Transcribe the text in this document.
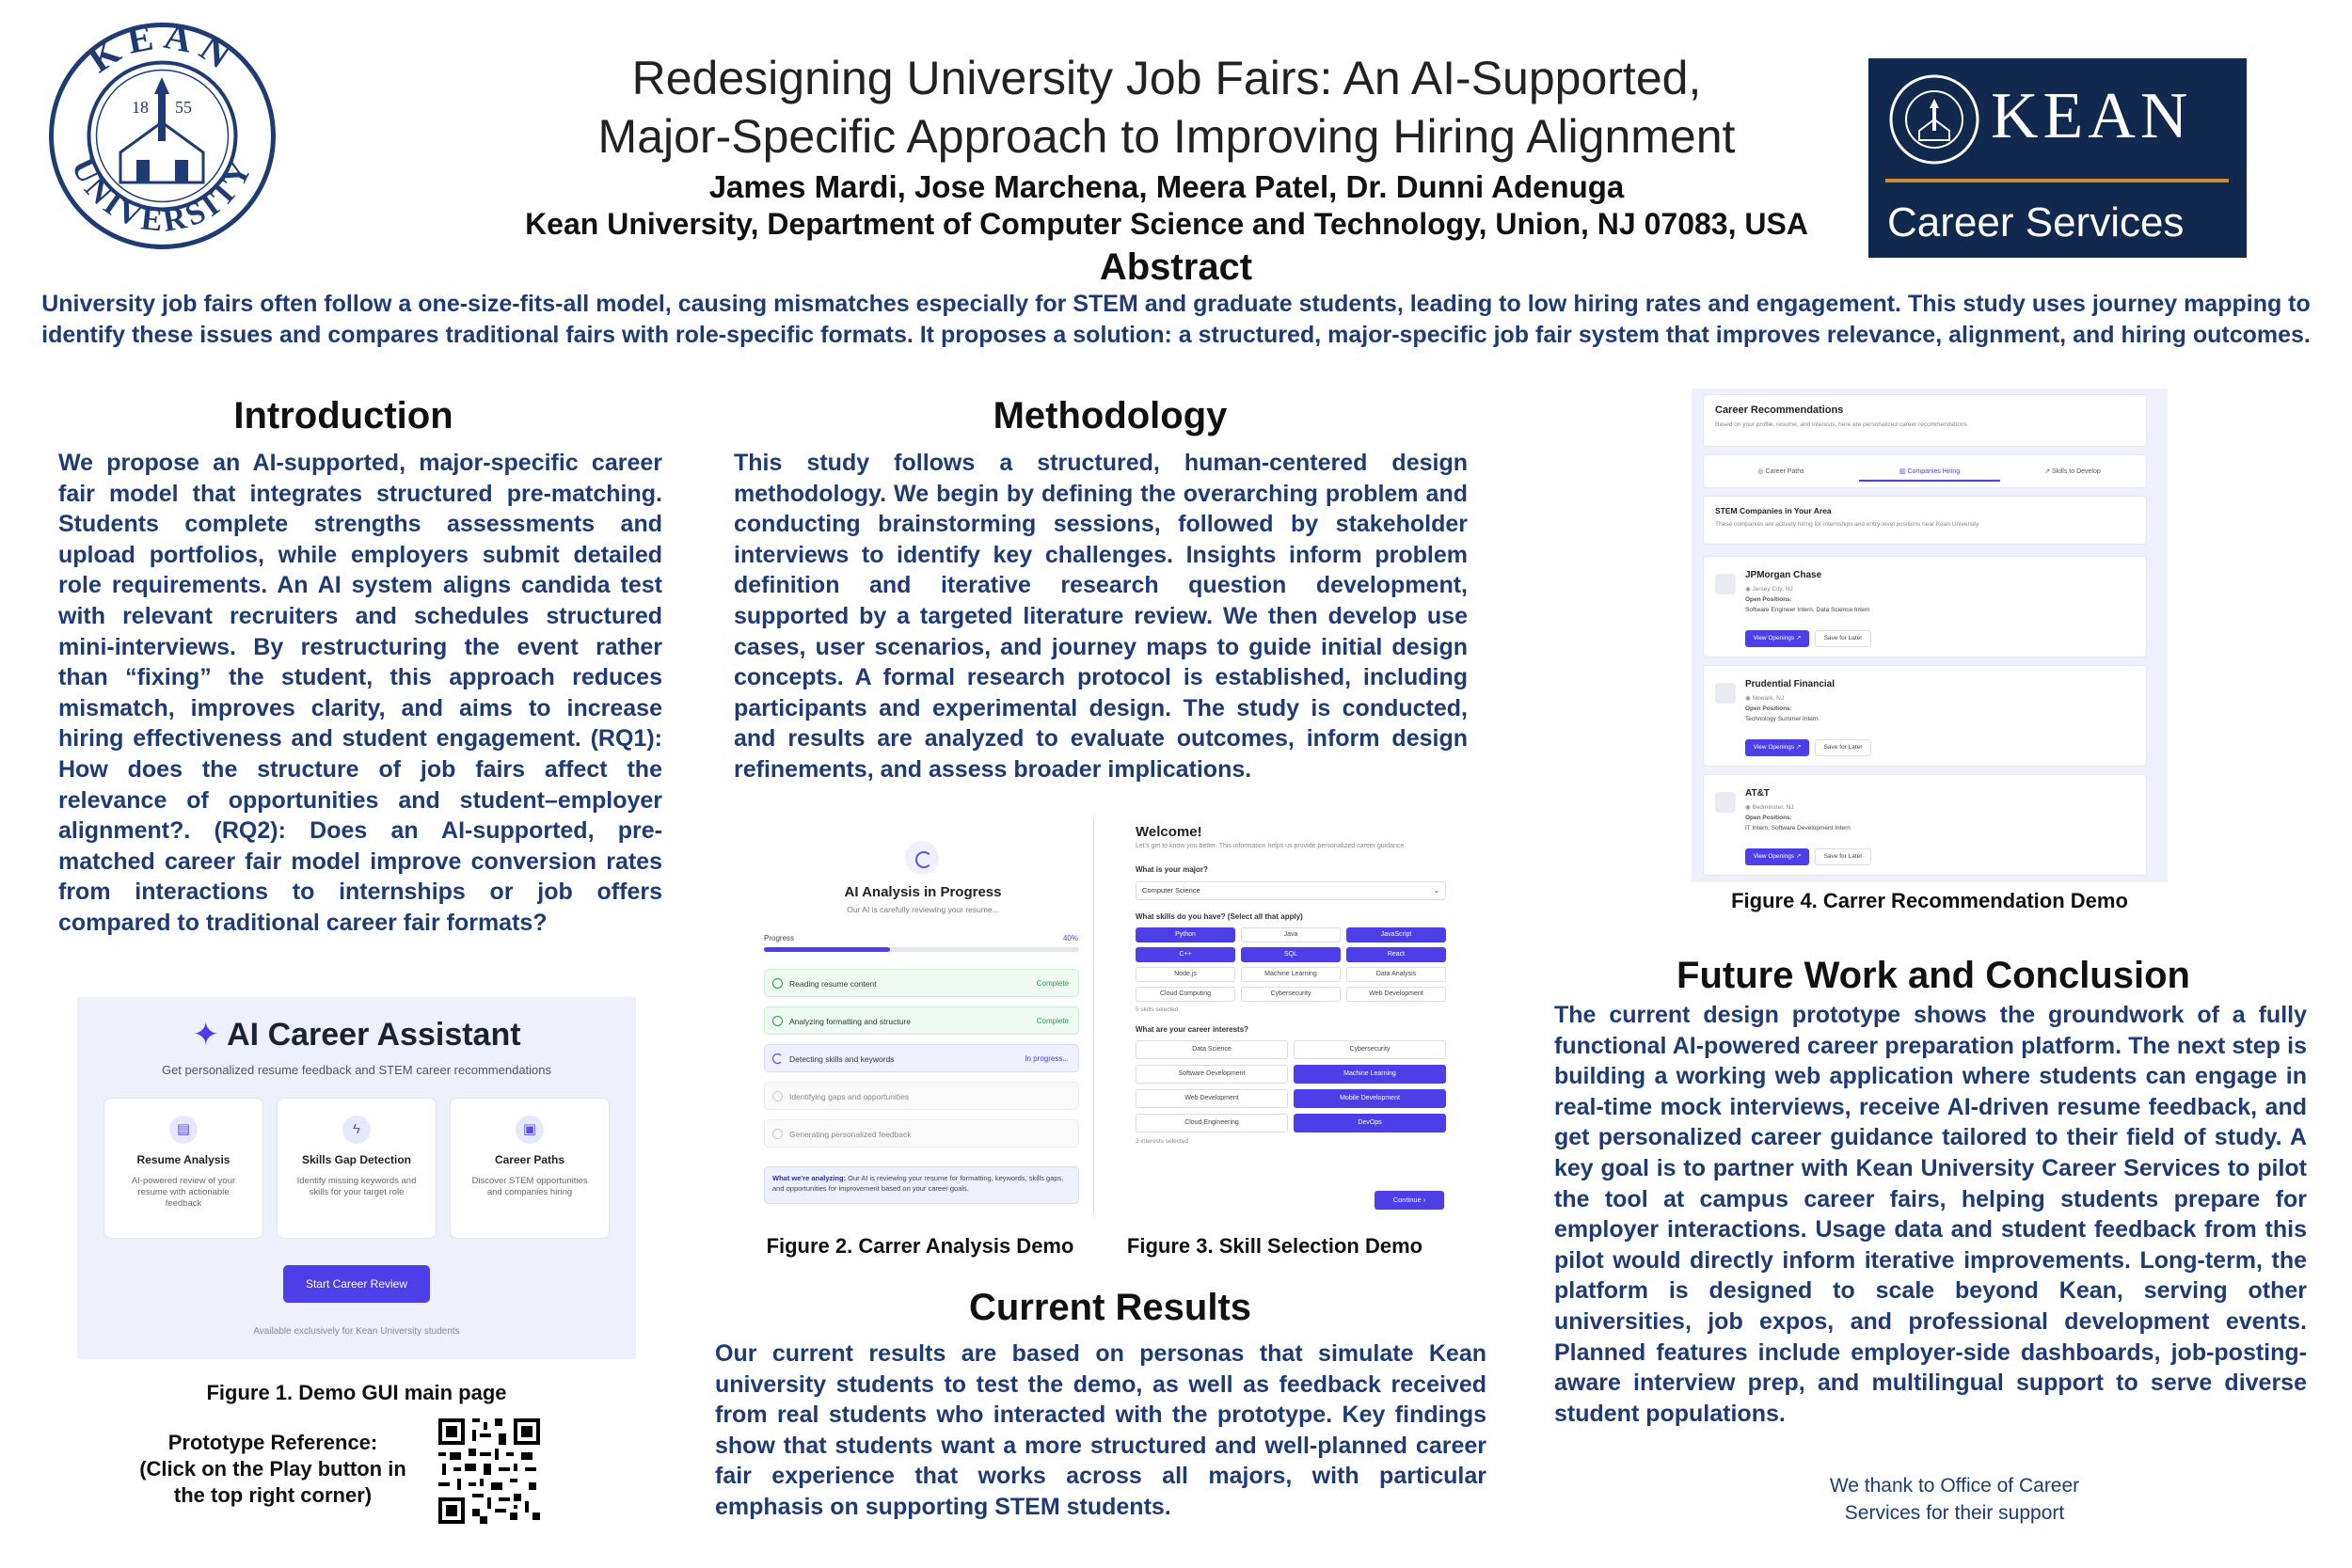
KEAN
UNIVERSITY
18 55
Redesigning University Job Fairs: An AI-Supported,
Major-Specific Approach to Improving Hiring Alignment
James Mardi, Jose Marchena, Meera Patel, Dr. Dunni Adenuga
Kean University, Department of Computer Science and Technology, Union, NJ 07083, USA
KEAN
Career Services
Abstract
University job fairs often follow a one-size-fits-all model, causing mismatches especially for STEM and graduate students, leading to low hiring rates and engagement. This study uses journey mapping to identify these issues and compares traditional fairs with role-specific formats. It proposes a solution: a structured, major-specific job fair system that improves relevance, alignment, and hiring outcomes.
Introduction
We propose an AI-supported, major-specific career fair model that integrates structured pre-matching. Students complete strengths assessments and upload portfolios, while employers submit detailed role requirements. An AI system aligns candida test with relevant recruiters and schedules structured mini-interviews. By restructuring the event rather than “fixing” the student, this approach reduces mismatch, improves clarity, and aims to increase hiring effectiveness and student engagement. (RQ1): How does the structure of job fairs affect the relevance of opportunities and student–employer alignment?. (RQ2): Does an AI-supported, pre-matched career fair model improve conversion rates from interactions to internships or job offers compared to traditional career fair formats?
Methodology
This study follows a structured, human-centered design methodology. We begin by defining the overarching problem and conducting brainstorming sessions, followed by stakeholder interviews to identify key challenges. Insights inform problem definition and iterative research question development, supported by a targeted literature review. We then develop use cases, user scenarios, and journey maps to guide initial design concepts. A formal research protocol is established, including participants and experimental design. The study is conducted, and results are analyzed to evaluate outcomes, inform design refinements, and assess broader implications.
✦ AI Career Assistant
Get personalized resume feedback and STEM career recommendations
▤
Resume Analysis
AI-powered review of your resume with actionable feedback
ϟ
Skills Gap Detection
Identify missing keywords and skills for your target role
▣
Career Paths
Discover STEM opportunities and companies hiring
Start Career Review
Available exclusively for Kean University students
Figure 1. Demo GUI main page
Prototype Reference:
(Click on the Play button in
the top right corner)
AI Analysis in Progress
Our AI is carefully reviewing your resume...
Progress	40%
Reading resume content	Complete
Analyzing formatting and structure	Complete
Detecting skills and keywords	In progress...
Identifying gaps and opportunities
Generating personalized feedback
What we're analyzing: Our AI is reviewing your resume for formatting, keywords, skills gaps, and opportunities for improvement based on your career goals.
Welcome!
Let's get to know you better. This information helps us provide personalized career guidance.
What is your major?
Computer Science	⌄
What skills do you have? (Select all that apply)
Python	Java	JavaScript
C++	SQL	React
Node.js	Machine Learning	Data Analysis
Cloud Computing	Cybersecurity	Web Development
5 skills selected
What are your career interests?
Data Science	Cybersecurity
Software Development	Machine Learning
Web Development	Mobile Development
Cloud Engineering	DevOps
3 interests selected
Continue ›
Figure 2. Carrer Analysis Demo	Figure 3. Skill Selection Demo
Current Results
Our current results are based on personas that simulate Kean university students to test the demo, as well as feedback received from real students who interacted with the prototype. Key findings show that students want a more structured and well-planned career fair experience that works across all majors, with particular emphasis on supporting STEM students.
Career Recommendations
Based on your profile, resume, and interests, here are personalized career recommendations
◎ Career Paths	▥ Companies Hiring	↗ Skills to Develop
STEM Companies in Your Area
These companies are actively hiring for internships and entry-level positions near Kean University
JPMorgan Chase
◉ Jersey City, NJ
Open Positions:
Software Engineer Intern, Data Science Intern
View Openings ↗	Save for Later
Prudential Financial
◉ Newark, NJ
Open Positions:
Technology Summer Intern
View Openings ↗	Save for Later
AT&T
◉ Bedminster, NJ
Open Positions:
IT Intern, Software Development Intern
View Openings ↗	Save for Later
Figure 4. Carrer Recommendation Demo
Future Work and Conclusion
The current design prototype shows the groundwork of a fully functional AI-powered career preparation platform. The next step is building a working web application where students can engage in real-time mock interviews, receive AI-driven resume feedback, and get personalized career guidance tailored to their field of study. A key goal is to partner with Kean University Career Services to pilot the tool at campus career fairs, helping students prepare for employer interactions. Usage data and student feedback from this pilot would directly inform iterative improvements. Long-term, the platform is designed to scale beyond Kean, serving other universities, job expos, and professional development events. Planned features include employer-side dashboards, job-posting-aware interview prep, and multilingual support to serve diverse student populations.
We thank to Office of Career
Services for their support
